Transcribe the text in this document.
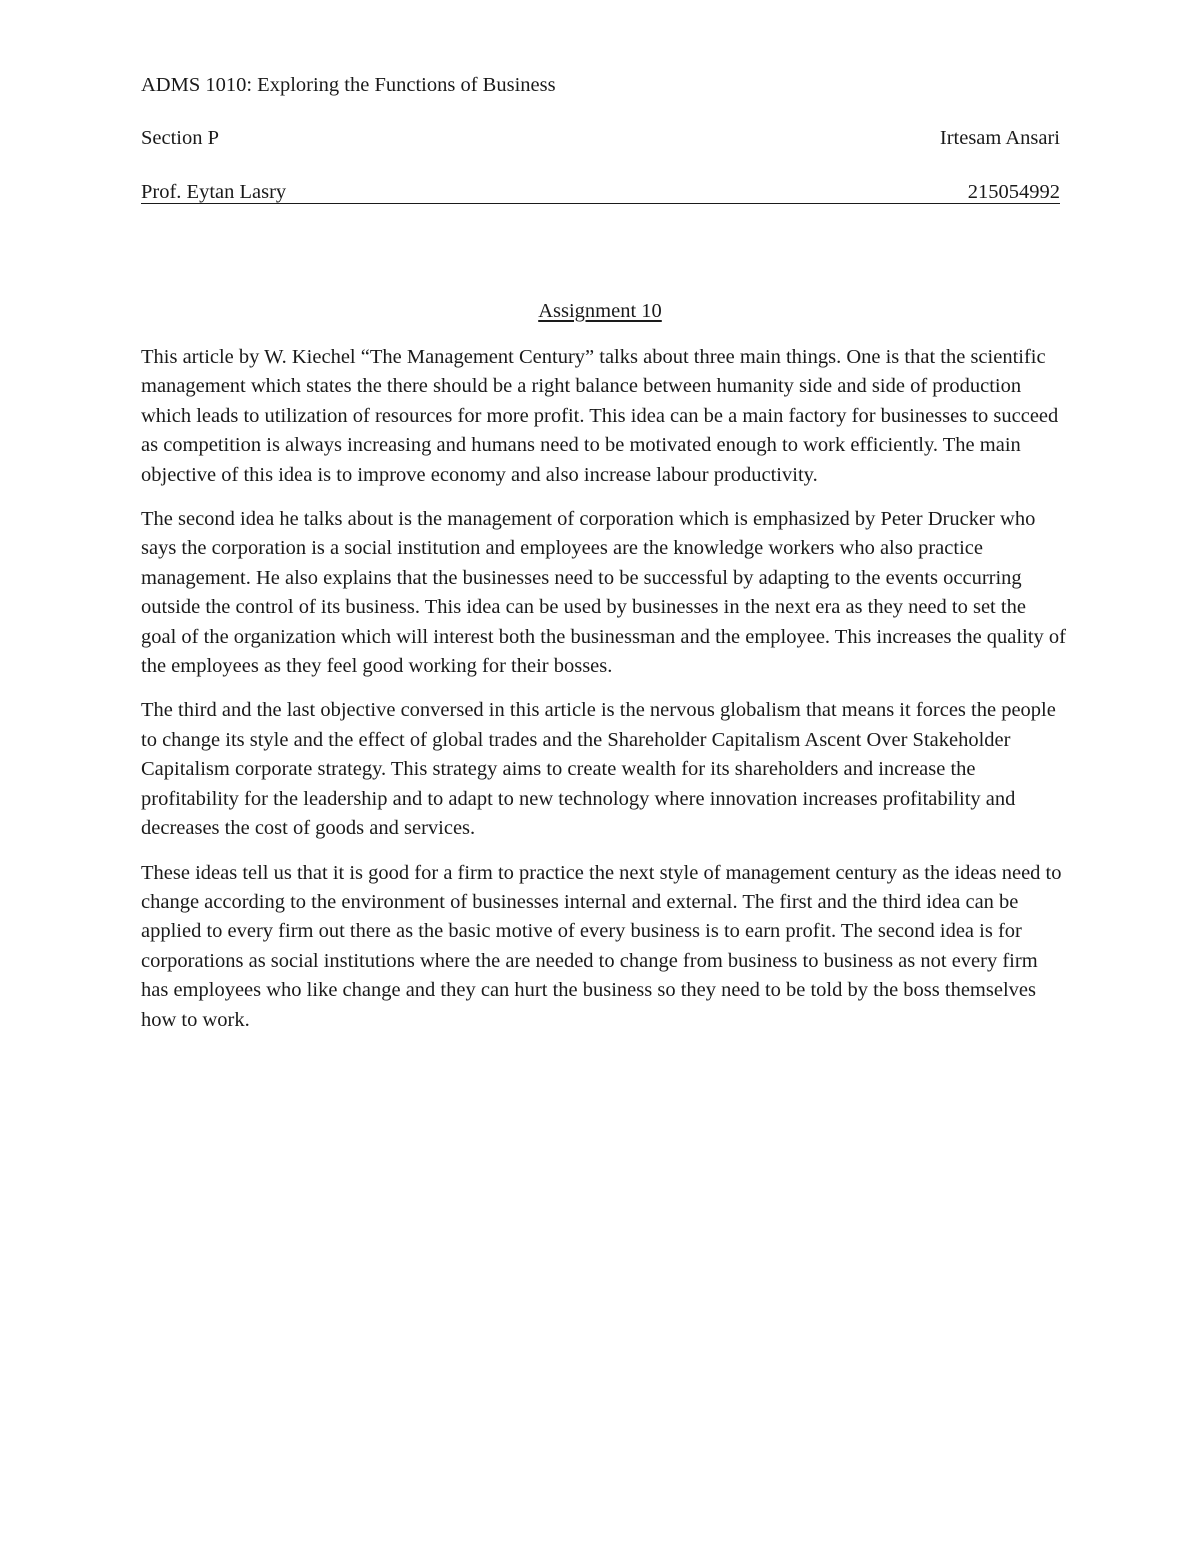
ADMS 1010: Exploring the Functions of Business
Section P	Irtesam Ansari
Prof. Eytan Lasry	215054992
Assignment 10

This article by W. Kiechel “The Management Century” talks about three main things. One is that the scientific management which states the there should be a right balance between humanity side and side of production which leads to utilization of resources for more profit. This idea can be a main factory for businesses to succeed as competition is always increasing and humans need to be motivated enough to work efficiently. The main objective of this idea is to improve economy and also increase labour productivity.

The second idea he talks about is the management of corporation which is emphasized by Peter Drucker who says the corporation is a social institution and employees are the knowledge workers who also practice management. He also explains that the businesses need to be successful by adapting to the events occurring outside the control of its business. This idea can be used by businesses in the next era as they need to set the goal of the organization which will interest both the businessman and the employee. This increases the quality of the employees as they feel good working for their bosses.

The third and the last objective conversed in this article is the nervous globalism that means it forces the people to change its style and the effect of global trades and the Shareholder Capitalism Ascent Over Stakeholder Capitalism corporate strategy. This strategy aims to create wealth for its shareholders and increase the profitability for the leadership and to adapt to new technology where innovation increases profitability and decreases the cost of goods and services.

These ideas tell us that it is good for a firm to practice the next style of management century as the ideas need to change according to the environment of businesses internal and external. The first and the third idea can be applied to every firm out there as the basic motive of every business is to earn profit. The second idea is for corporations as social institutions where the are needed to change from business to business as not every firm has employees who like change and they can hurt the business so they need to be told by the boss themselves how to work.
